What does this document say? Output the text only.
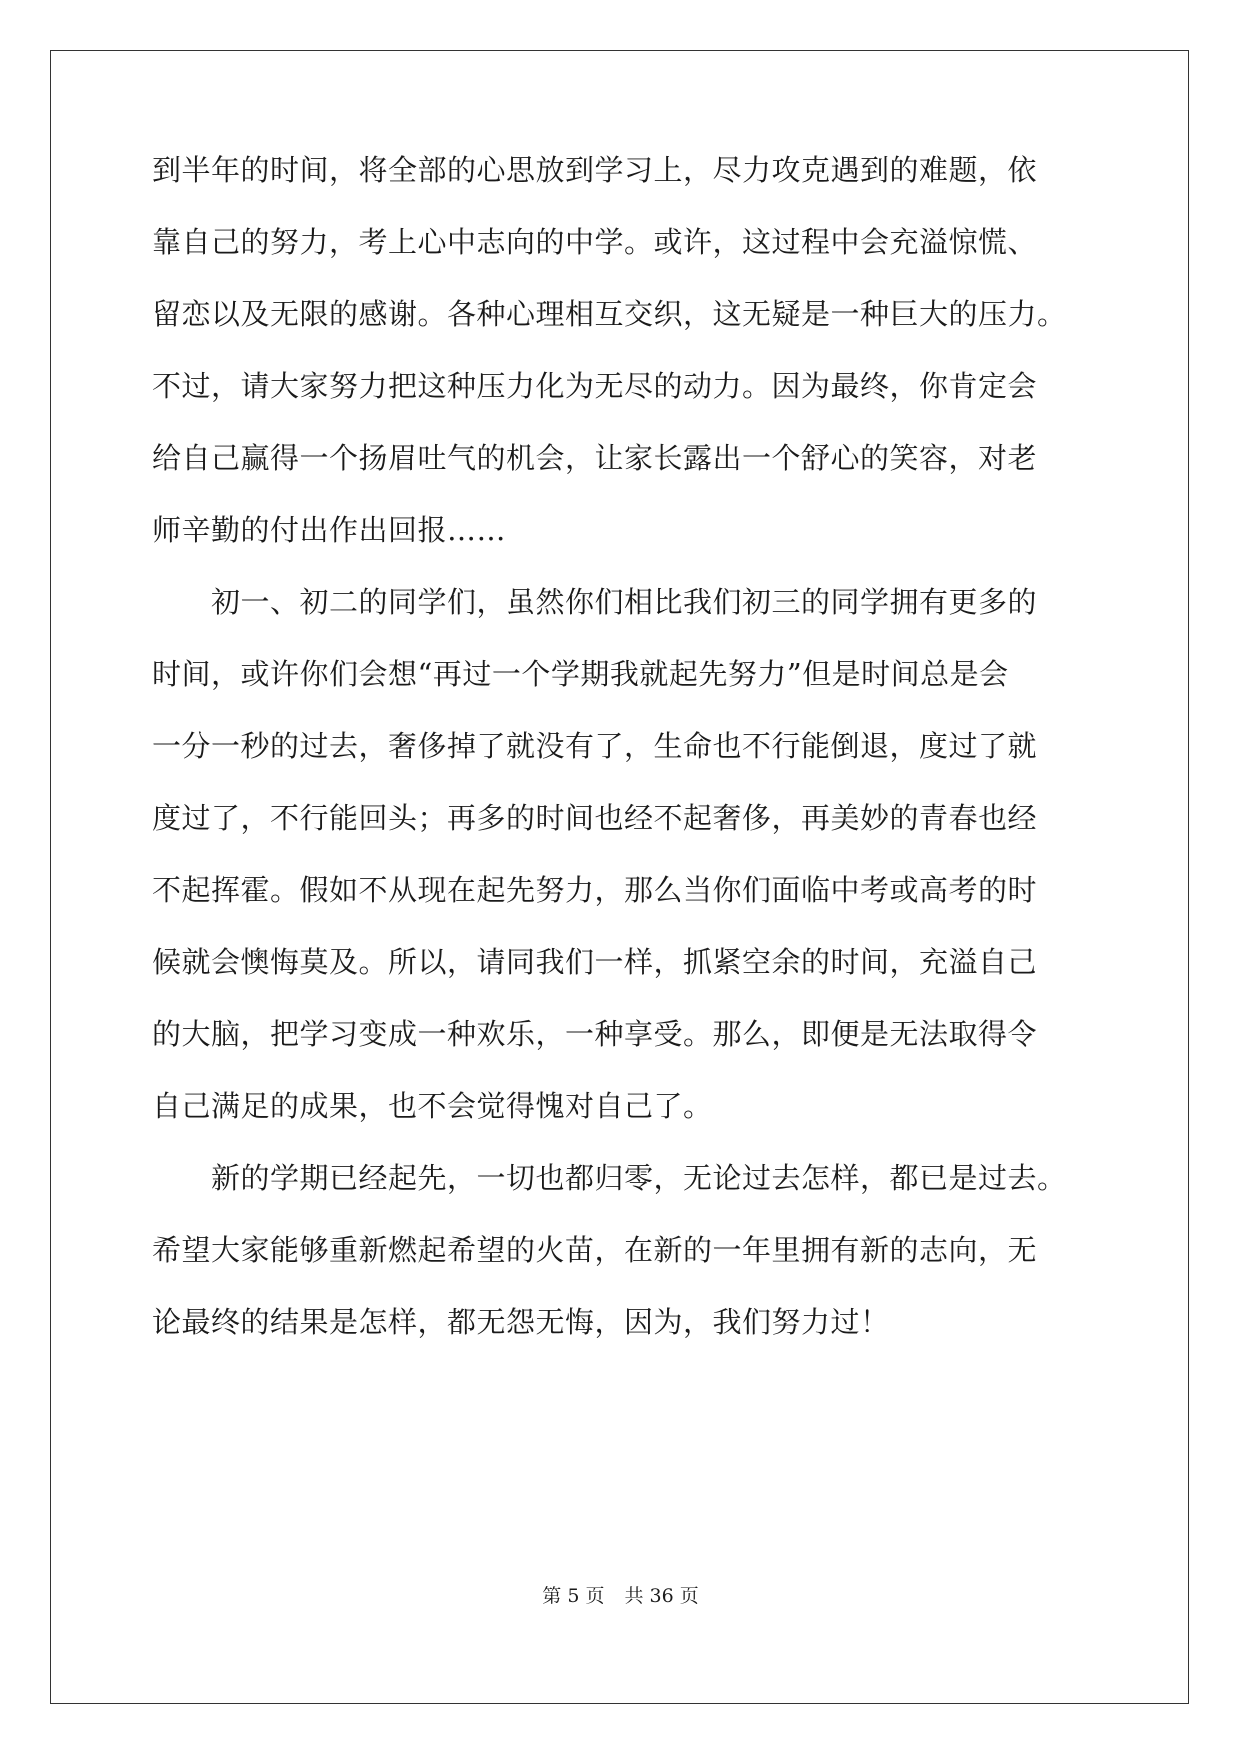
到半年的时间，将全部的心思放到学习上，尽力攻克遇到的难题，依
靠自己的努力，考上心中志向的中学。或许，这过程中会充溢惊慌、
留恋以及无限的感谢。各种心理相互交织，这无疑是一种巨大的压力。
不过，请大家努力把这种压力化为无尽的动力。因为最终，你肯定会
给自己赢得一个扬眉吐气的机会，让家长露出一个舒心的笑容，对老
师辛勤的付出作出回报……
　　初一、初二的同学们，虽然你们相比我们初三的同学拥有更多的
时间，或许你们会想“再过一个学期我就起先努力”但是时间总是会
一分一秒的过去，奢侈掉了就没有了，生命也不行能倒退，度过了就
度过了，不行能回头；再多的时间也经不起奢侈，再美妙的青春也经
不起挥霍。假如不从现在起先努力，那么当你们面临中考或高考的时
候就会懊悔莫及。所以，请同我们一样，抓紧空余的时间，充溢自己
的大脑，把学习变成一种欢乐，一种享受。那么，即便是无法取得令
自己满足的成果，也不会觉得愧对自己了。
　　新的学期已经起先，一切也都归零，无论过去怎样，都已是过去。
希望大家能够重新燃起希望的火苗，在新的一年里拥有新的志向，无
论最终的结果是怎样，都无怨无悔，因为，我们努力过！
第 5 页 共 36 页
